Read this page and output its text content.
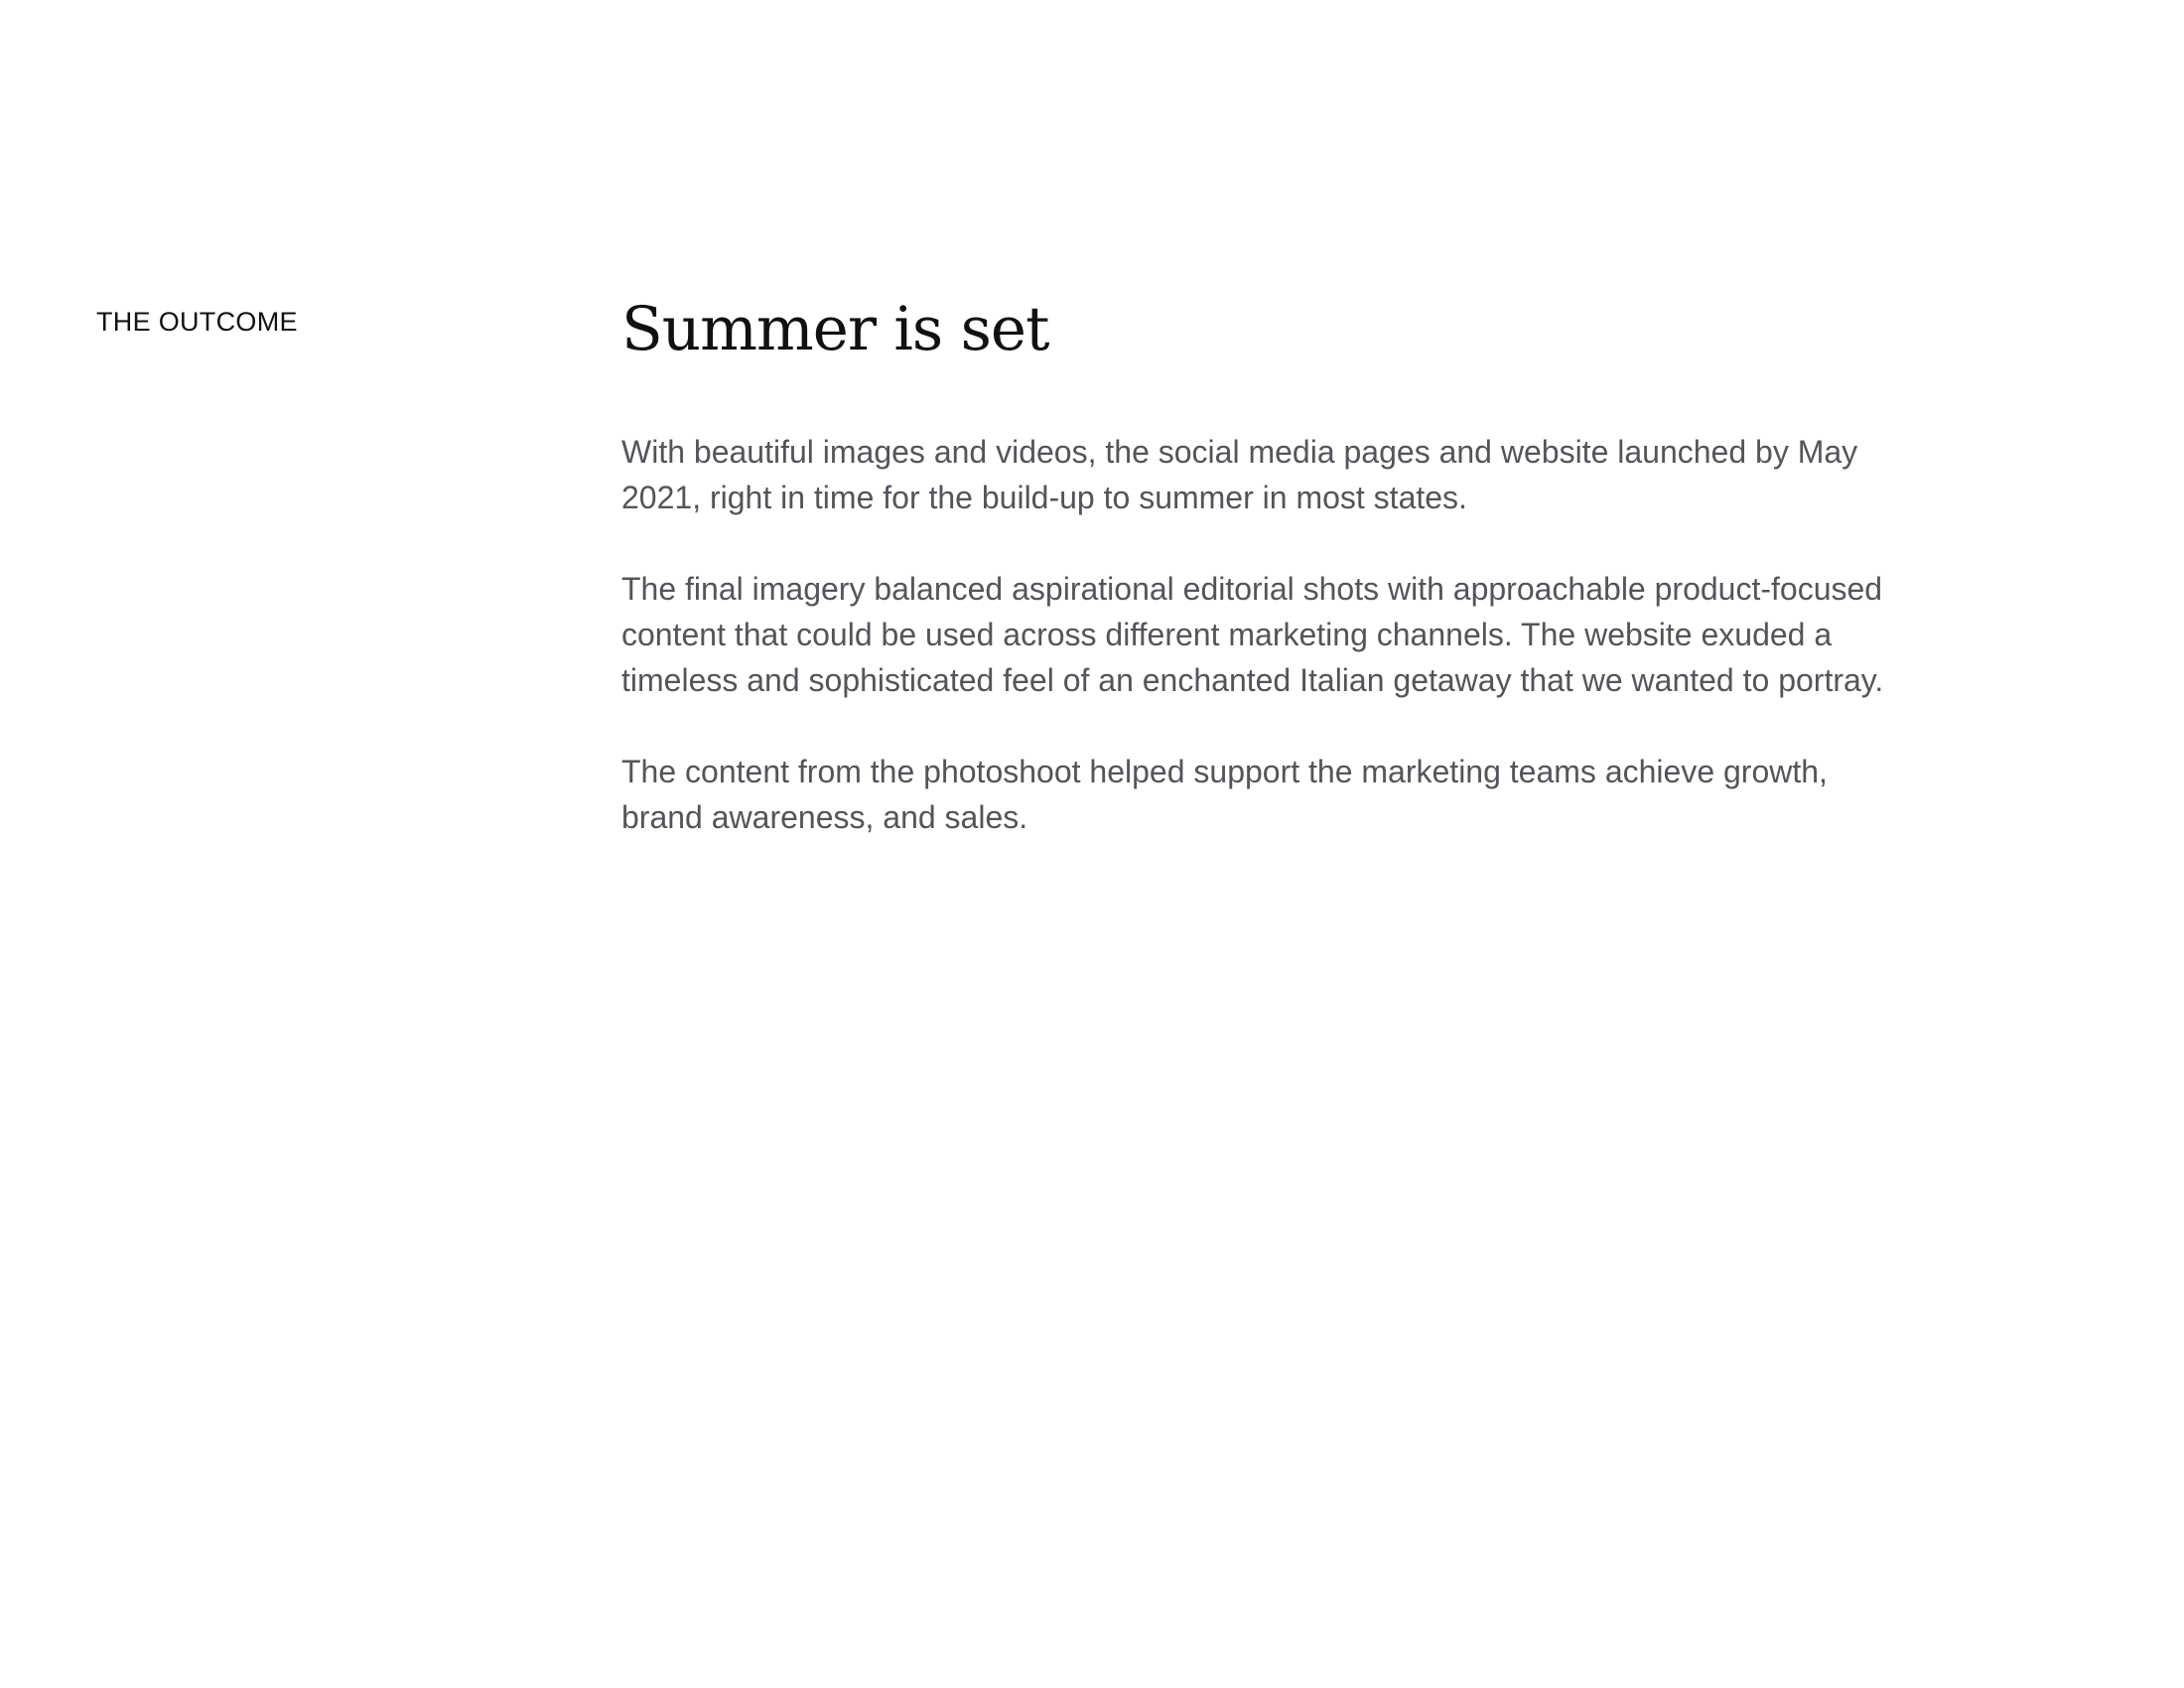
THE OUTCOME	Summer is set

With beautiful images and videos, the social media pages and website launched by May 2021, right in time for the build-up to summer in most states.

The final imagery balanced aspirational editorial shots with approachable product-focused content that could be used across different marketing channels. The website exuded a timeless and sophisticated feel of an enchanted Italian getaway that we wanted to portray.

The content from the photoshoot helped support the marketing teams achieve growth, brand awareness, and sales.
